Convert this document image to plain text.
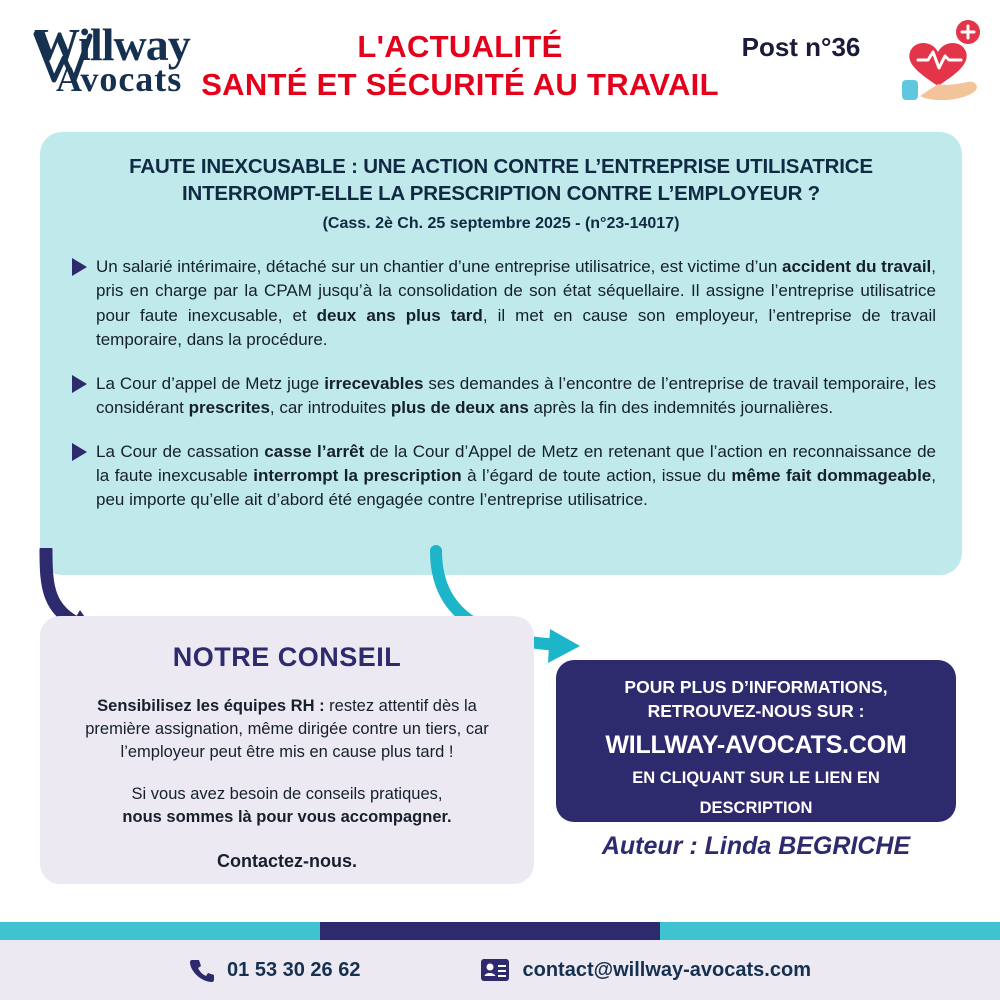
Willway
Avocats
L'ACTUALITÉ
SANTÉ ET SÉCURITÉ AU TRAVAIL
Post n°36
FAUTE INEXCUSABLE : UNE ACTION CONTRE L’ENTREPRISE UTILISATRICE
INTERROMPT-ELLE LA PRESCRIPTION CONTRE L’EMPLOYEUR ?
(Cass. 2è Ch. 25 septembre 2025 - (n°23-14017)
Un salarié intérimaire, détaché sur un chantier d’une entreprise utilisatrice, est victime d’un accident du travail, pris en charge par la CPAM jusqu’à la consolidation de son état séquellaire. Il assigne l’entreprise utilisatrice pour faute inexcusable, et deux ans plus tard, il met en cause son employeur, l’entreprise de travail temporaire, dans la procédure.
La Cour d’appel de Metz juge irrecevables ses demandes à l’encontre de l’entreprise de travail temporaire, les considérant prescrites, car introduites plus de deux ans après la fin des indemnités journalières.
La Cour de cassation casse l’arrêt de la Cour d’Appel de Metz en retenant que l’action en reconnaissance de la faute inexcusable interrompt la prescription à l’égard de toute action, issue du même fait dommageable, peu importe qu’elle ait d’abord été engagée contre l’entreprise utilisatrice.
NOTRE CONSEIL
Sensibilisez les équipes RH : restez attentif dès la première assignation, même dirigée contre un tiers, car l’employeur peut être mis en cause plus tard !
Si vous avez besoin de conseils pratiques,
nous sommes là pour vous accompagner.
Contactez-nous.
POUR PLUS D’INFORMATIONS,
RETROUVEZ-NOUS SUR :
WILLWAY-AVOCATS.COM
EN CLIQUANT SUR LE LIEN EN
DESCRIPTION
Auteur : Linda BEGRICHE
01 53 30 26 62	contact@willway-avocats.com
